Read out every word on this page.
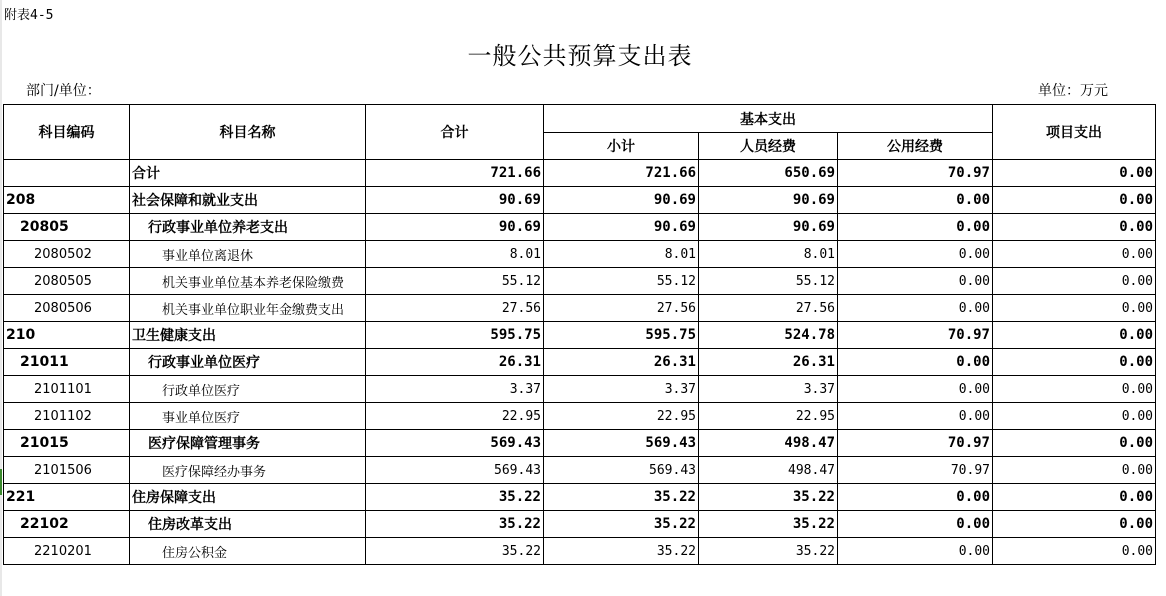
附表4-5
一般公共预算支出表
部门/单位：	单位：万元
科目编码	科目名称	合计	基本支出			项目支出
			小计	人员经费	公用经费	
	合计	721.66	721.66	650.69	70.97	0.00
208	社会保障和就业支出	90.69	90.69	90.69	0.00	0.00
20805	行政事业单位养老支出	90.69	90.69	90.69	0.00	0.00
2080502	事业单位离退休	8.01	8.01	8.01	0.00	0.00
2080505	机关事业单位基本养老保险缴费	55.12	55.12	55.12	0.00	0.00
2080506	机关事业单位职业年金缴费支出	27.56	27.56	27.56	0.00	0.00
210	卫生健康支出	595.75	595.75	524.78	70.97	0.00
21011	行政事业单位医疗	26.31	26.31	26.31	0.00	0.00
2101101	行政单位医疗	3.37	3.37	3.37	0.00	0.00
2101102	事业单位医疗	22.95	22.95	22.95	0.00	0.00
21015	医疗保障管理事务	569.43	569.43	498.47	70.97	0.00
2101506	医疗保障经办事务	569.43	569.43	498.47	70.97	0.00
221	住房保障支出	35.22	35.22	35.22	0.00	0.00
22102	住房改革支出	35.22	35.22	35.22	0.00	0.00
2210201	住房公积金	35.22	35.22	35.22	0.00	0.00
